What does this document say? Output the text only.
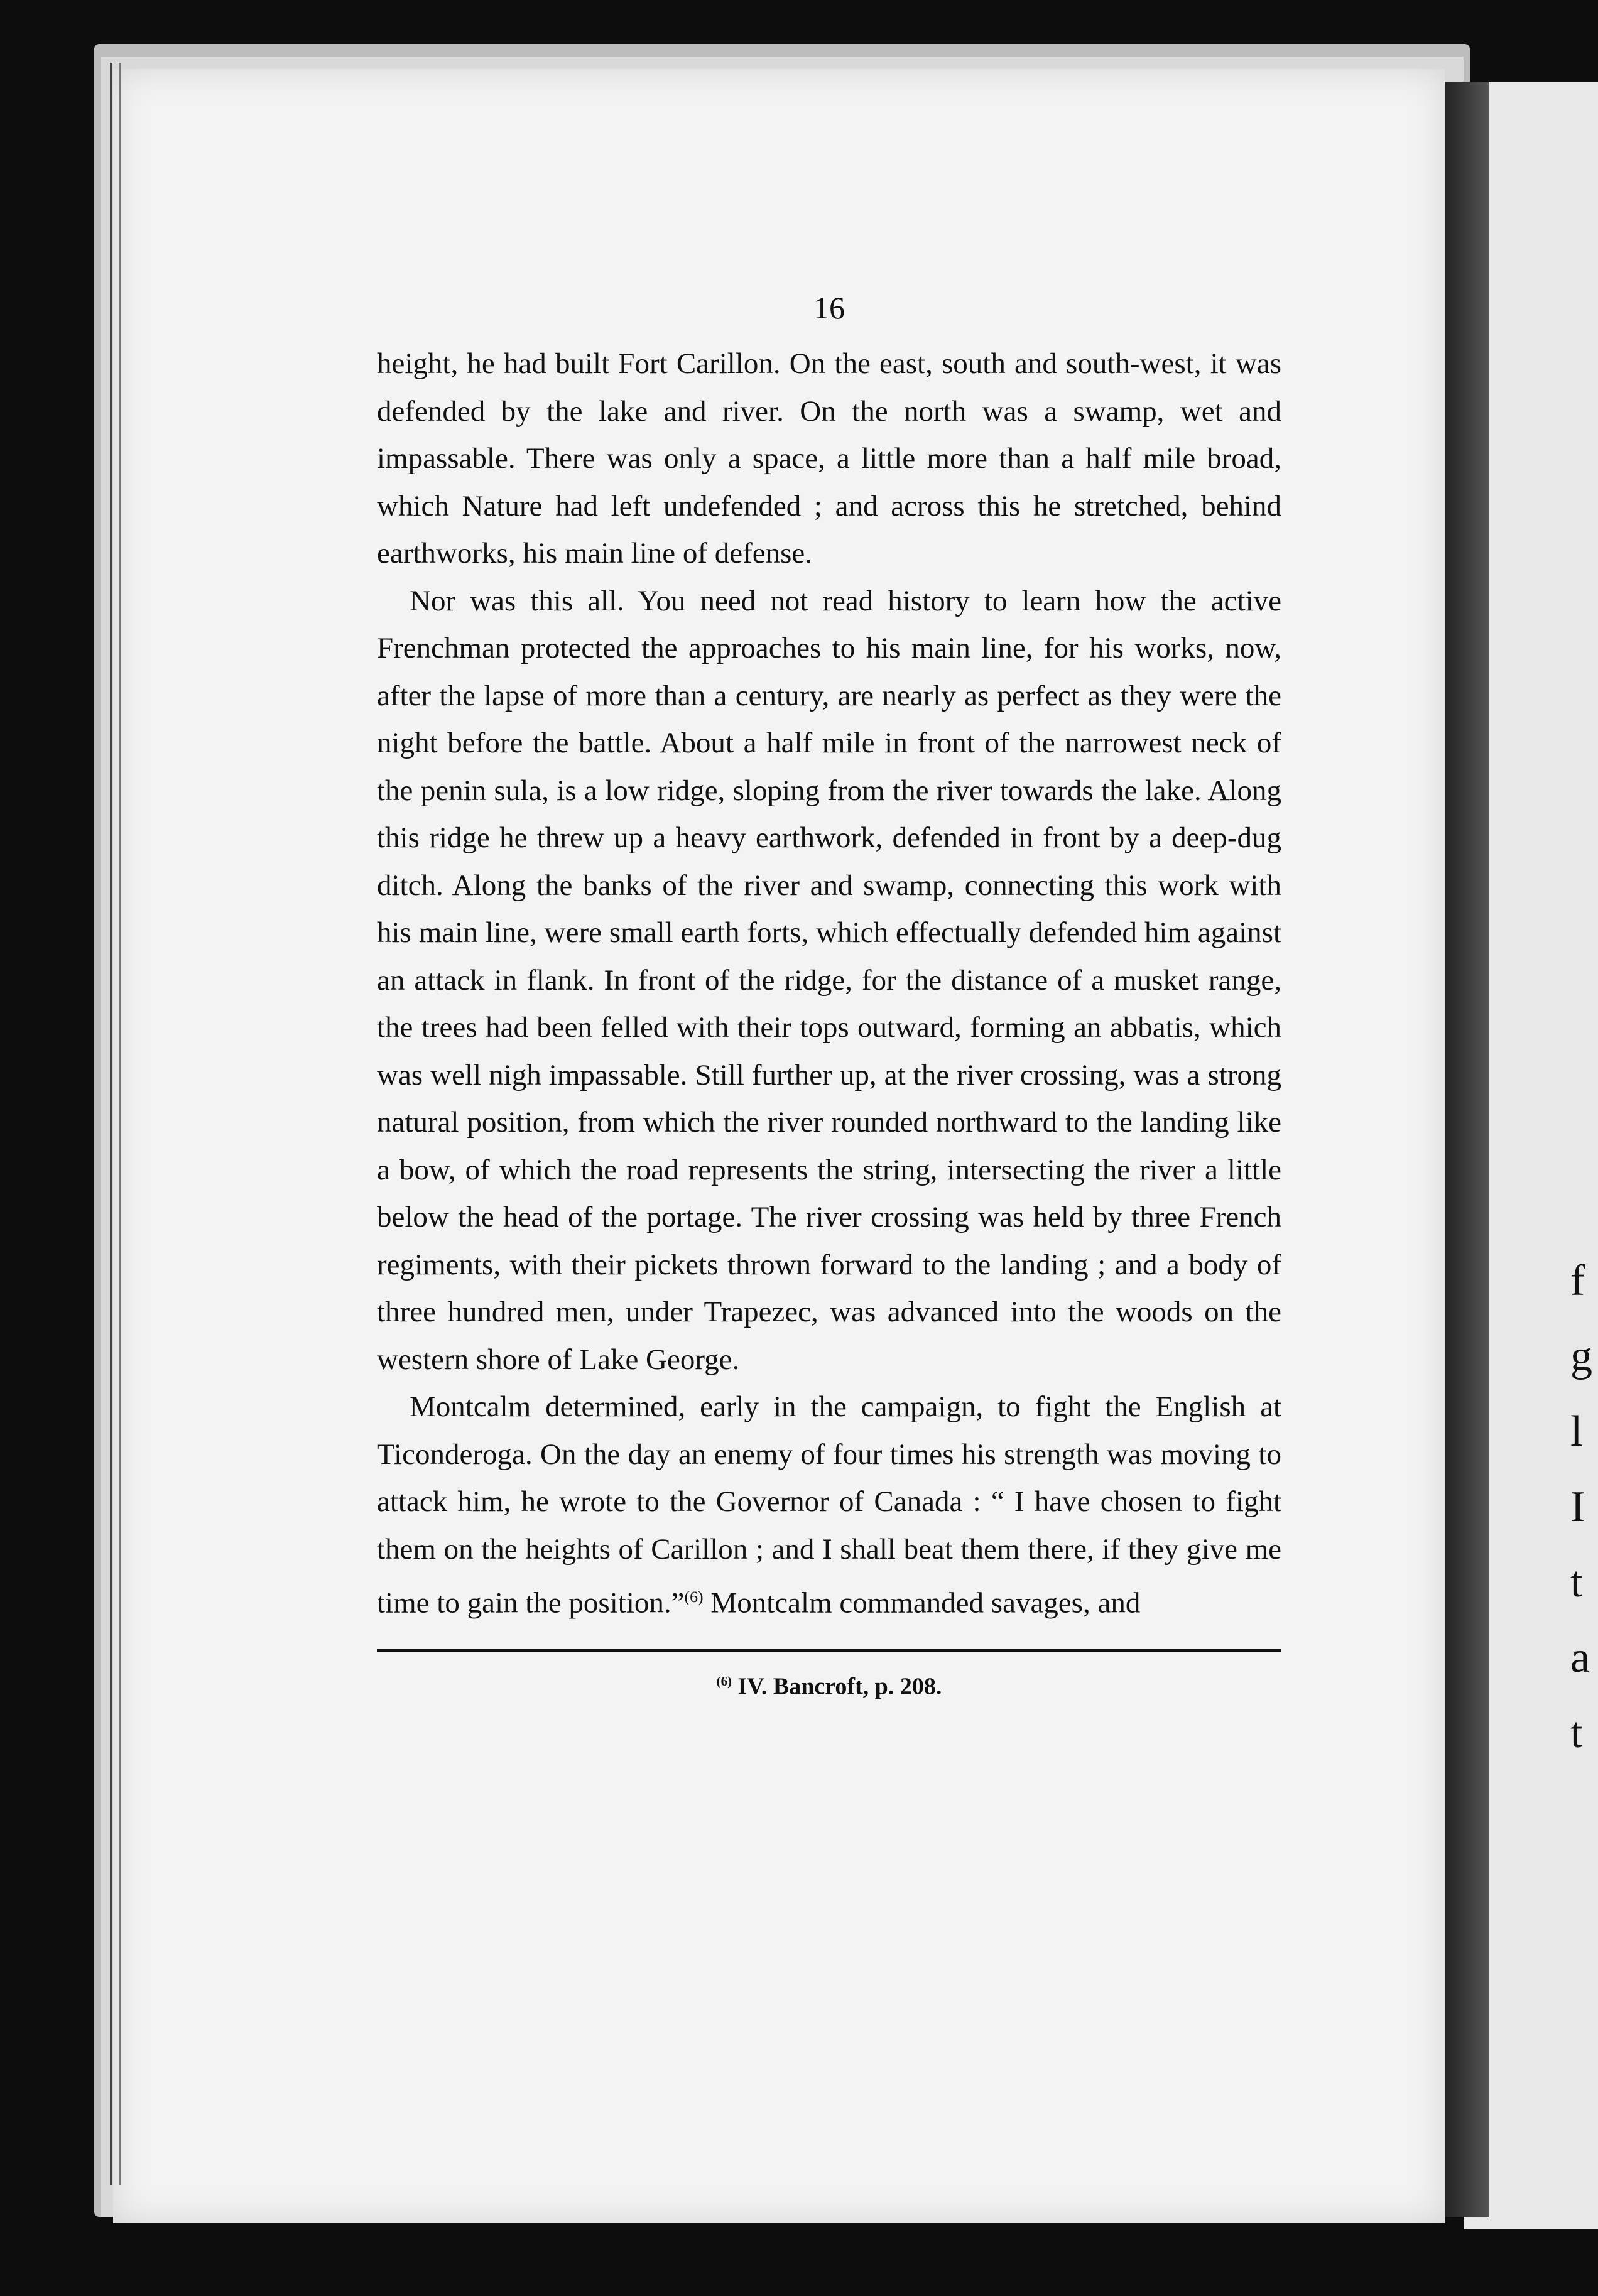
f
g
l
I
t
a
t
16

height, he had built Fort Carillon. On the east, south and south-west, it was defended by the lake and river. On the north was a swamp, wet and impassable. There was only a space, a little more than a half mile broad, which Nature had left undefended ; and across this he stretched, behind earthworks, his main line of defense.

Nor was this all. You need not read history to learn how the active Frenchman protected the approaches to his main line, for his works, now, after the lapse of more than a century, are nearly as perfect as they were the night before the battle. About a half mile in front of the narrowest neck of the penin sula, is a low ridge, sloping from the river towards the lake. Along this ridge he threw up a heavy earthwork, defended in front by a deep-dug ditch. Along the banks of the river and swamp, connecting this work with his main line, were small earth forts, which effectually defended him against an attack in flank. In front of the ridge, for the distance of a musket range, the trees had been felled with their tops outward, forming an abbatis, which was well nigh impassable. Still further up, at the river crossing, was a strong natural position, from which the river rounded northward to the landing like a bow, of which the road represents the string, intersecting the river a little below the head of the portage. The river crossing was held by three French regiments, with their pickets thrown forward to the landing ; and a body of three hundred men, under Trapezec, was advanced into the woods on the western shore of Lake George.

Montcalm determined, early in the campaign, to fight the English at Ticonderoga. On the day an enemy of four times his strength was moving to attack him, he wrote to the Governor of Canada : “ I have chosen to fight them on the heights of Carillon ; and I shall beat them there, if they give me time to gain the position.”$^{(6)}$ Montcalm commanded savages, and

$^{(6)}$ IV. Bancroft, p. 208.
